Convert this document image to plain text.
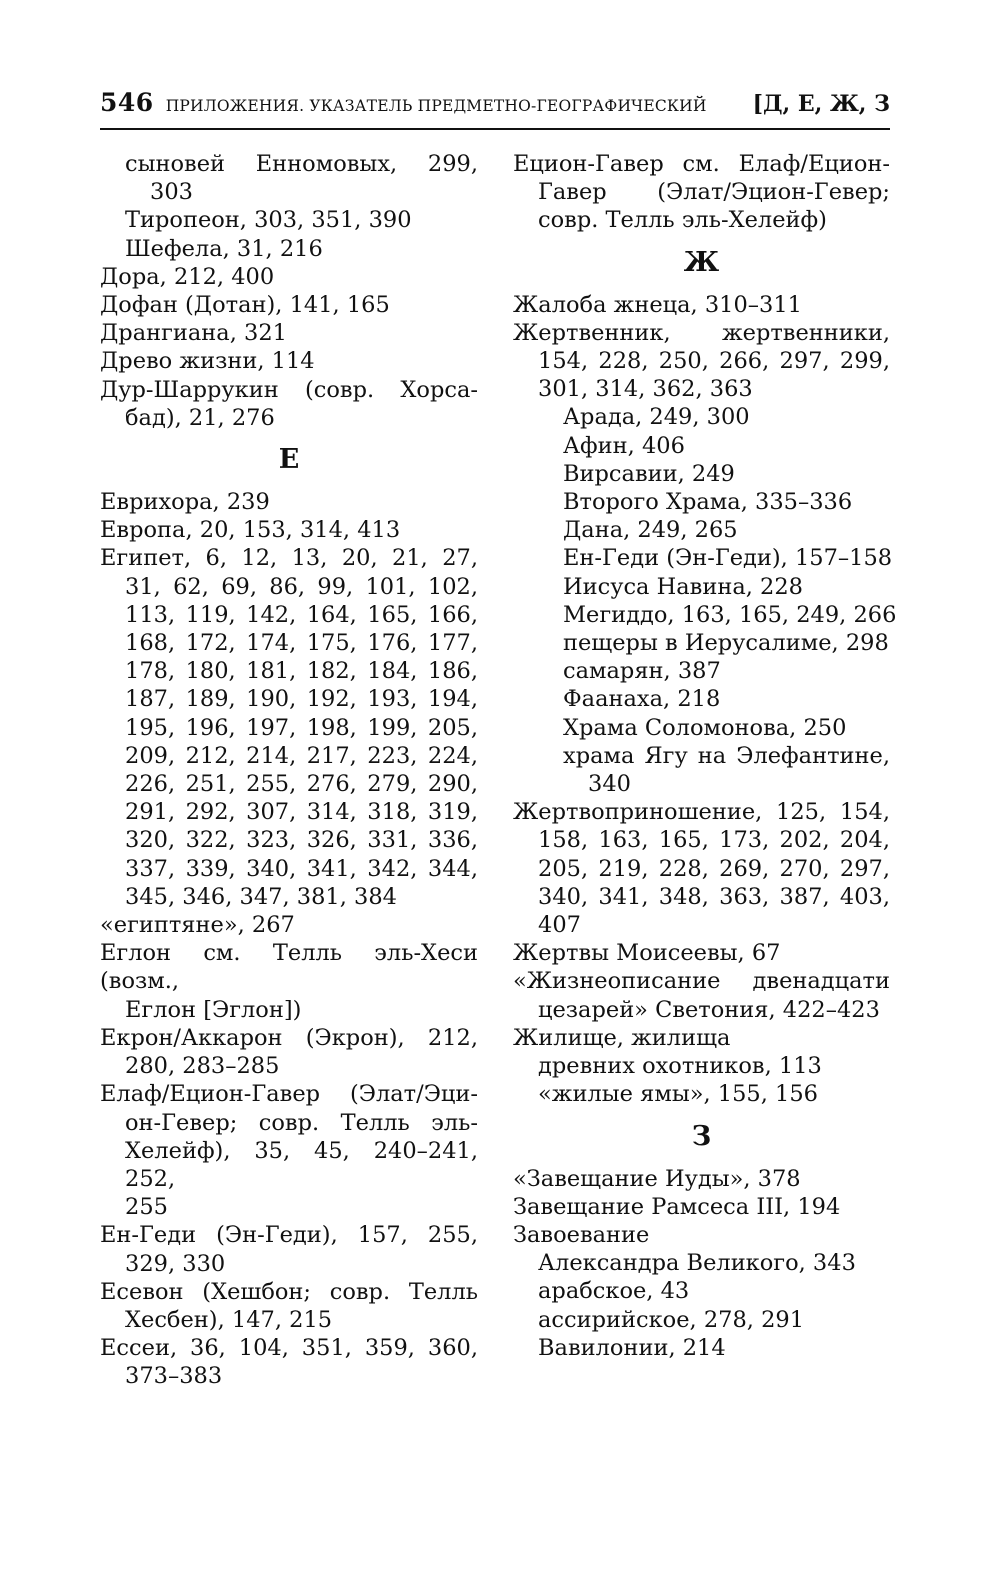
546 ПРИЛОЖЕНИЯ. УКАЗАТЕЛЬ ПРЕДМЕТНО-ГЕОГРАФИЧЕСКИЙ	[Д, Е, Ж, З
сыновей Енномовых, 299,
303
Тиропеон, 303, 351, 390
Шефела, 31, 216
Дора, 212, 400
Дофан (Дотан), 141, 165
Дрангиана, 321
Древо жизни, 114
Дур-Шаррукин (совр. Хорса-
бад), 21, 276
Е
Еврихора, 239
Европа, 20, 153, 314, 413
Египет, 6, 12, 13, 20, 21, 27,
31, 62, 69, 86, 99, 101, 102,
113, 119, 142, 164, 165, 166,
168, 172, 174, 175, 176, 177,
178, 180, 181, 182, 184, 186,
187, 189, 190, 192, 193, 194,
195, 196, 197, 198, 199, 205,
209, 212, 214, 217, 223, 224,
226, 251, 255, 276, 279, 290,
291, 292, 307, 314, 318, 319,
320, 322, 323, 326, 331, 336,
337, 339, 340, 341, 342, 344,
345, 346, 347, 381, 384
«египтяне», 267
Еглон см. Телль эль-Хеси (возм.,
Еглон [Эглон])
Екрон/Аккарон (Экрон), 212,
280, 283–285
Елаф/Ецион-Гавер (Элат/Эци-
он-Гевер; совр. Телль эль-
Хелейф), 35, 45, 240–241, 252,
255
Ен-Геди (Эн-Геди), 157, 255,
329, 330
Есевон (Хешбон; совр. Телль
Хесбен), 147, 215
Ессеи, 36, 104, 351, 359, 360,
373–383
Ецион-Гавер см. Елаф/Ецион-
Гавер (Элат/Эцион-Гевер;
совр. Телль эль-Хелейф)
Ж
Жалоба жнеца, 310–311
Жертвенник, жертвенники,
154, 228, 250, 266, 297, 299,
301, 314, 362, 363
Арада, 249, 300
Афин, 406
Вирсавии, 249
Второго Храма, 335–336
Дана, 249, 265
Ен-Геди (Эн-Геди), 157–158
Иисуса Навина, 228
Мегиддо, 163, 165, 249, 266
пещеры в Иерусалиме, 298
самарян, 387
Фаанаха, 218
Храма Соломонова, 250
храма Ягу на Элефантине,
340
Жертвоприношение, 125, 154,
158, 163, 165, 173, 202, 204,
205, 219, 228, 269, 270, 297,
340, 341, 348, 363, 387, 403,
407
Жертвы Моисеевы, 67
«Жизнеописание двенадцати
цезарей» Светония, 422–423
Жилище, жилища
древних охотников, 113
«жилые ямы», 155, 156
З
«Завещание Иуды», 378
Завещание Рамсеса III, 194
Завоевание
Александра Великого, 343
арабское, 43
ассирийское, 278, 291
Вавилонии, 214
